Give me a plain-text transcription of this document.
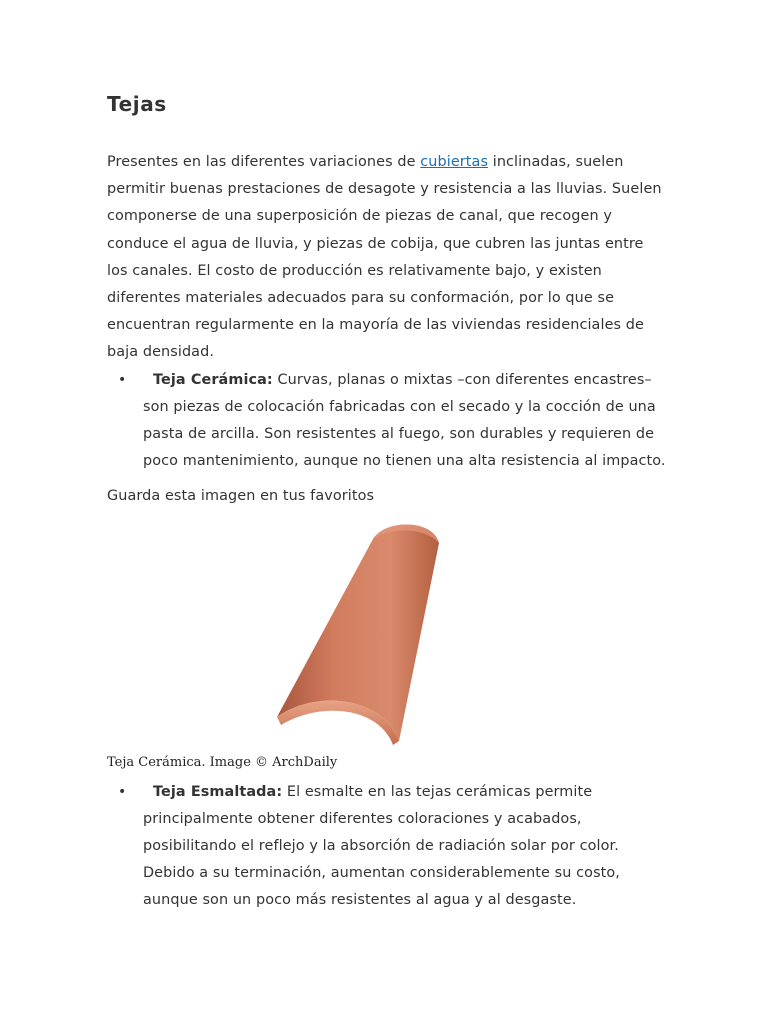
Tejas

Presentes en las diferentes variaciones de cubiertas inclinadas, suelen permitir buenas prestaciones de desagote y resistencia a las lluvias. Suelen componerse de una superposición de piezas de canal, que recogen y conduce el agua de lluvia, y piezas de cobija, que cubren las juntas entre los canales. El costo de producción es relativamente bajo, y existen diferentes materiales adecuados para su conformación, por lo que se encuentran regularmente en la mayoría de las viviendas residenciales de baja densidad.

• Teja Cerámica: Curvas, planas o mixtas –con diferentes encastres– son piezas de colocación fabricadas con el secado y la cocción de una pasta de arcilla. Son resistentes al fuego, son durables y requieren de poco mantenimiento, aunque no tienen una alta resistencia al impacto.

Guarda esta imagen en tus favoritos

Teja Cerámica. Image © ArchDaily

• Teja Esmaltada: El esmalte en las tejas cerámicas permite principalmente obtener diferentes coloraciones y acabados, posibilitando el reflejo y la absorción de radiación solar por color. Debido a su terminación, aumentan considerablemente su costo, aunque son un poco más resistentes al agua y al desgaste.
